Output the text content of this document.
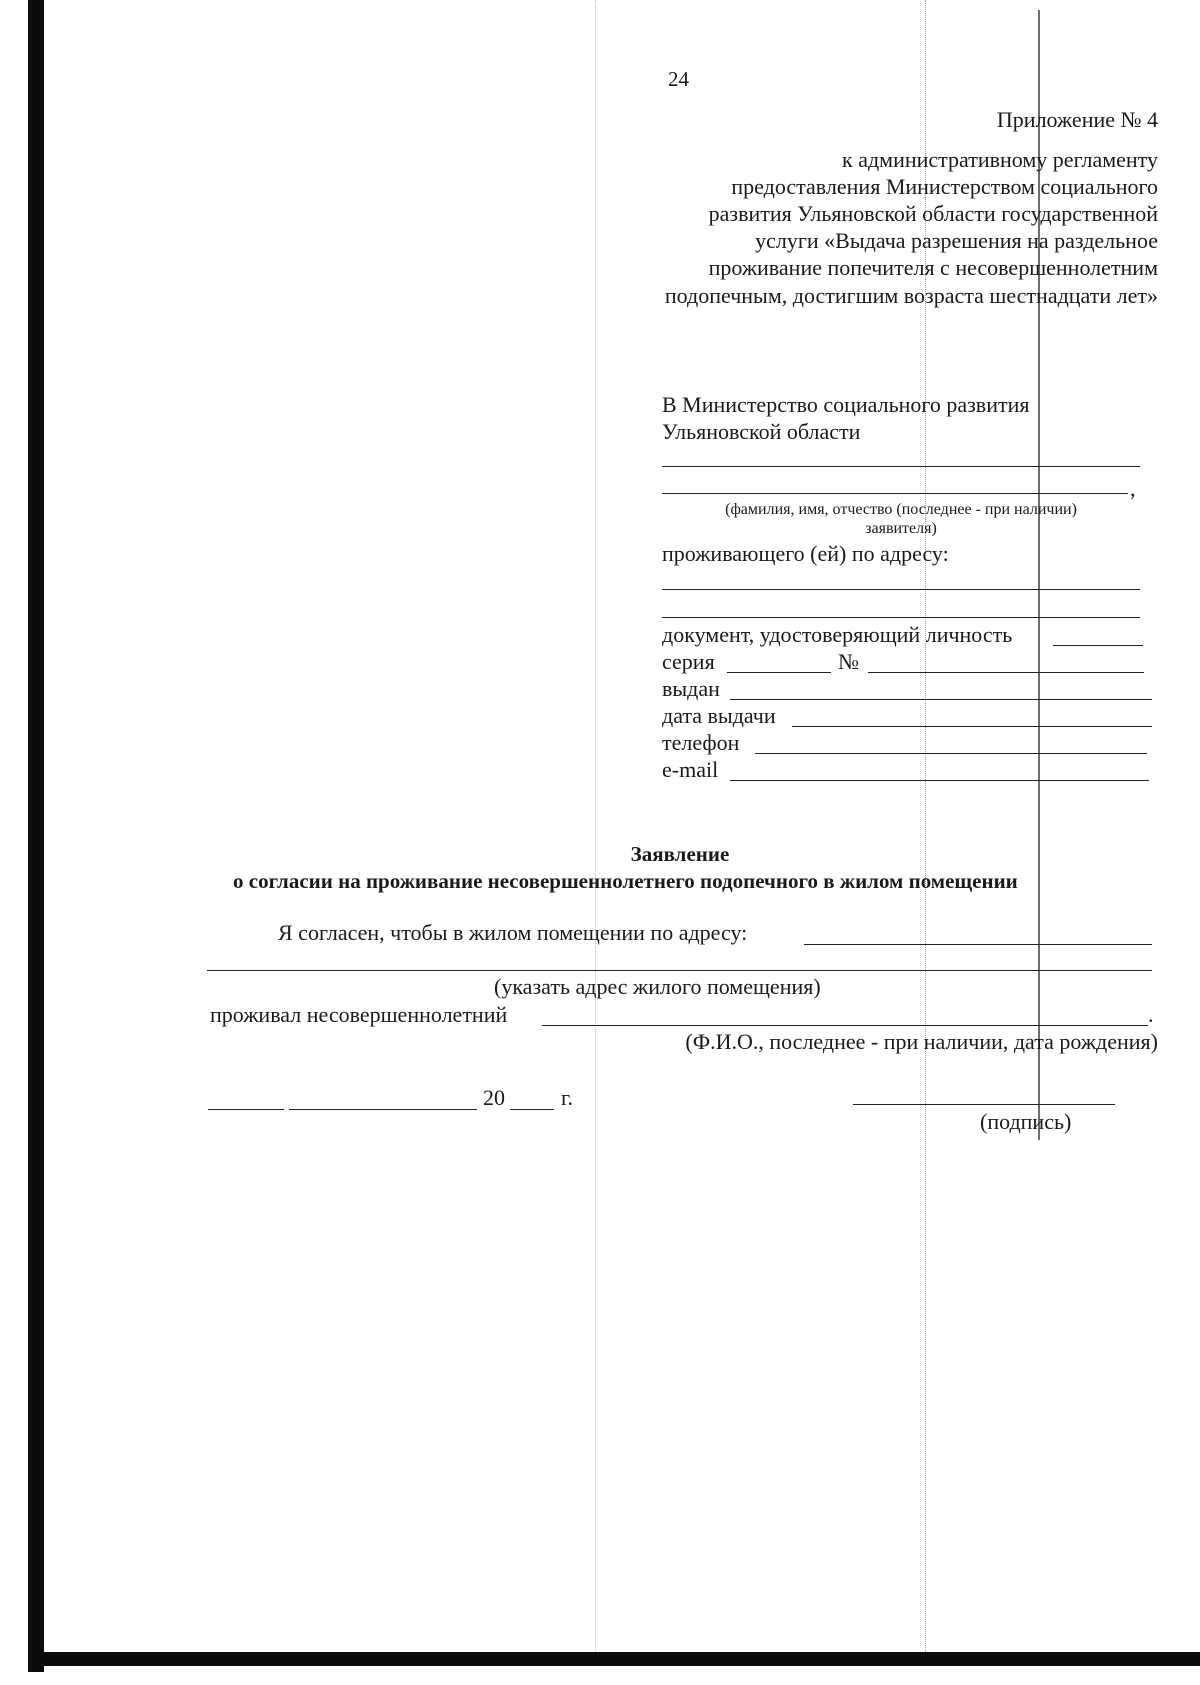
24
Приложение № 4
к административному регламенту
предоставления Министерством социального
развития Ульяновской области государственной
услуги «Выдача разрешения на раздельное
проживание попечителя с несовершеннолетним
подопечным, достигшим возраста шестнадцати лет»
В Министерство социального развития
Ульяновской области
,
(фамилия, имя, отчество (последнее - при наличии)
заявителя)
проживающего (ей) по адресу:
документ, удостоверяющий личность
серия	№
выдан
дата выдачи
телефон
e-mail
Заявление
о согласии на проживание несовершеннолетнего подопечного в жилом помещении
Я согласен, чтобы в жилом помещении по адресу:
(указать адрес жилого помещения)
проживал несовершеннолетний	.
(Ф.И.О., последнее - при наличии, дата рождения)
20	г.
(подпись)
